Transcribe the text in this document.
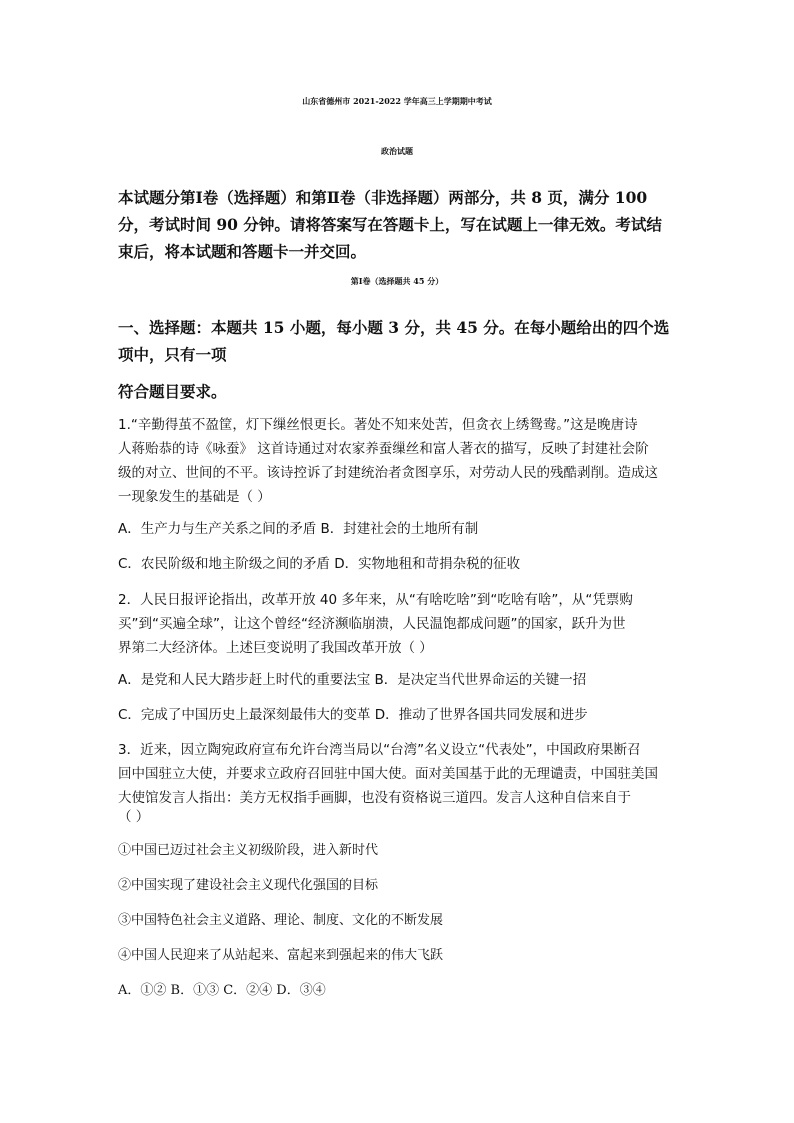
山东省德州市 2021-2022 学年高三上学期期中考试
政治试题
本试题分第Ⅰ卷（选择题）和第Ⅱ卷（非选择题）两部分，共 8 页，满分 100
分，考试时间 90 分钟。请将答案写在答题卡上，写在试题上一律无效。考试结
束后，将本试题和答题卡一并交回。
第Ⅰ卷（选择题共 45 分）
一、选择题：本题共 15 小题，每小题 3 分，共 45 分。在每小题给出的四个选
项中，只有一项
符合题目要求。
1.“辛勤得茧不盈筐，灯下缫丝恨更长。著处不知来处苦，但贪衣上绣鸳鸯。”这是晚唐诗
人蒋贻恭的诗《咏蚕》 这首诗通过对农家养蚕缫丝和富人著衣的描写，反映了封建社会阶
级的对立、世间的不平。该诗控诉了封建统治者贪图享乐，对劳动人民的残酷剥削。造成这
一现象发生的基础是（ ）
A．生产力与生产关系之间的矛盾 B．封建社会的土地所有制
C．农民阶级和地主阶级之间的矛盾 D．实物地租和苛捐杂税的征收
2．人民日报评论指出，改革开放 40 多年来，从“有啥吃啥”到“吃啥有啥”，从“凭票购
买”到“买遍全球”，让这个曾经“经济濒临崩溃，人民温饱都成问题”的国家，跃升为世
界第二大经济体。上述巨变说明了我国改革开放（ ）
A．是党和人民大踏步赶上时代的重要法宝 B．是决定当代世界命运的关键一招
C．完成了中国历史上最深刻最伟大的变革 D．推动了世界各国共同发展和进步
3．近来，因立陶宛政府宣布允许台湾当局以“台湾”名义设立“代表处”，中国政府果断召
回中国驻立大使，并要求立政府召回驻中国大使。面对美国基于此的无理谴责，中国驻美国
大使馆发言人指出：美方无权指手画脚，也没有资格说三道四。发言人这种自信来自于
（ ）
①中国已迈过社会主义初级阶段，进入新时代
②中国实现了建设社会主义现代化强国的目标
③中国特色社会主义道路、理论、制度、文化的不断发展
④中国人民迎来了从站起来、富起来到强起来的伟大飞跃
A．①② B．①③ C．②④ D．③④
